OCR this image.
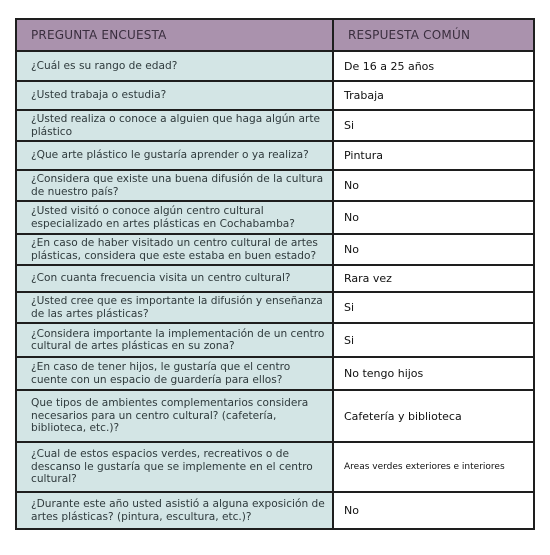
PREGUNTA ENCUESTA	RESPUESTA COMÚN
¿Cuál es su rango de edad?	De 16 a 25 años
¿Usted trabaja o estudia?	Trabaja
¿Usted realiza o conoce a alguien que haga algún arte plástico	Si
¿Que arte plástico le gustaría aprender o ya realiza?	Pintura
¿Considera que existe una buena difusión de la cultura de nuestro país?	No
¿Usted visitó o conoce algún centro cultural especializado en artes plásticas en Cochabamba?	No
¿En caso de haber visitado un centro cultural de artes plásticas, considera que este estaba en buen estado?	No
¿Con cuanta frecuencia visita un centro cultural?	Rara vez
¿Usted cree que es importante la difusión y enseñanza de las artes plásticas?	Si
¿Considera importante la implementación de un centro cultural de artes plásticas en su zona?	Si
¿En caso de tener hijos, le gustaría que el centro cuente con un espacio de guardería para ellos?	No tengo hijos
Que tipos de ambientes complementarios considera necesarios para un centro cultural? (cafetería, biblioteca, etc.)?	Cafetería y biblioteca
¿Cual de estos espacios verdes, recreativos o de descanso le gustaría que se implemente en el centro cultural?	Areas verdes exteriores e interiores
¿Durante este año usted asistió a alguna exposición de artes plásticas? (pintura, escultura, etc.)?	No
